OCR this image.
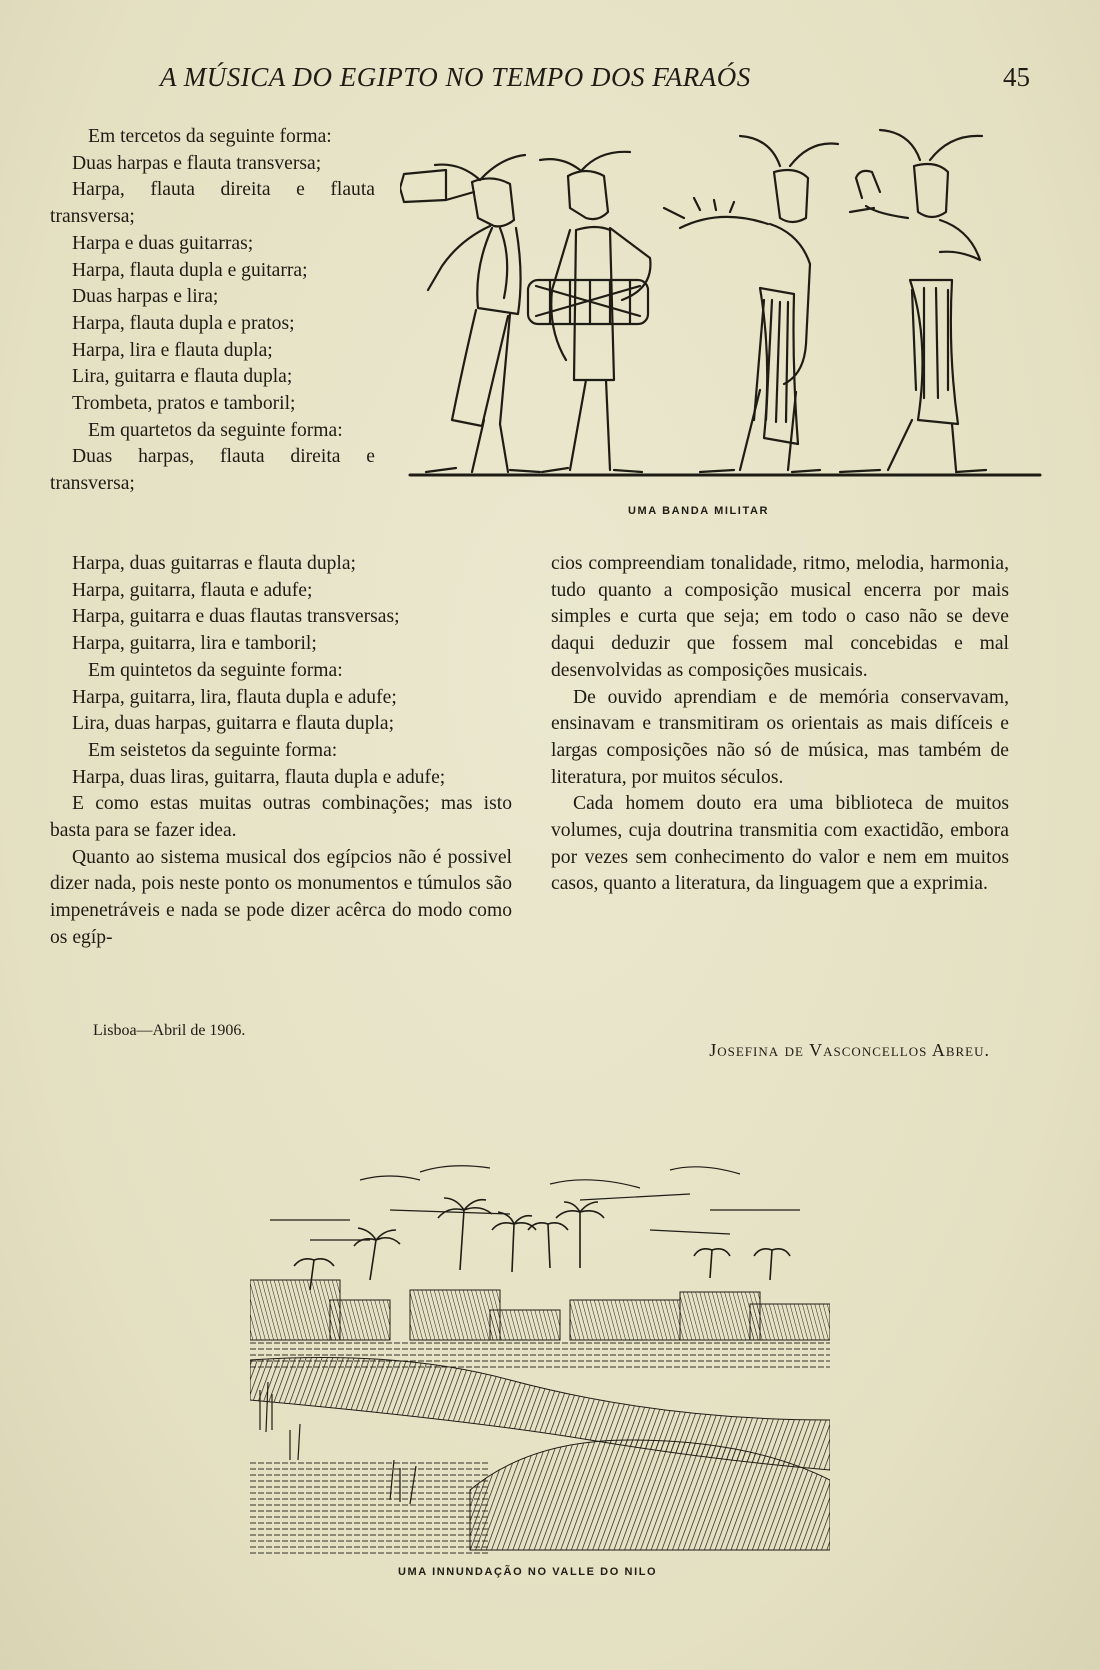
A MÚSICA DO EGIPTO NO TEMPO DOS FARAÓS	45

Em tercetos da seguinte forma:

Duas harpas e flauta transversa;

Harpa, flauta direita e flauta transversa;

Harpa e duas guitarras;

Harpa, flauta dupla e guitarra;

Duas harpas e lira;

Harpa, flauta dupla e pratos;

Harpa, lira e flauta dupla;

Lira, guitarra e flauta dupla;

Trombeta, pratos e tamboril;

Em quartetos da seguinte forma:

Duas harpas, flauta direita e transversa;

UMA BANDA MILITAR

Harpa, duas guitarras e flauta dupla;

Harpa, guitarra, flauta e adufe;

Harpa, guitarra e duas flautas transversas;

Harpa, guitarra, lira e tamboril;

Em quintetos da seguinte forma:

Harpa, guitarra, lira, flauta dupla e adufe;

Lira, duas harpas, guitarra e flauta dupla;

Em seistetos da seguinte forma:

Harpa, duas liras, guitarra, flauta dupla e adufe;

E como estas muitas outras combinações; mas isto basta para se fazer idea.

Quanto ao sistema musical dos egípcios não é possivel dizer nada, pois neste ponto os monumentos e túmulos são impenetráveis e nada se pode dizer acêrca do modo como os egíp-

cios compreendiam tonalidade, ritmo, melodia, harmonia, tudo quanto a composição musical encerra por mais simples e curta que seja; em todo o caso não se deve daqui deduzir que fossem mal concebidas e mal desenvolvidas as composições musicais.

De ouvido aprendiam e de memória conservavam, ensinavam e transmitiram os orientais as mais difíceis e largas composições não só de música, mas também de literatura, por muitos séculos.

Cada homem douto era uma biblioteca de muitos volumes, cuja doutrina transmitia com exactidão, embora por vezes sem conhecimento do valor e nem em muitos casos, quanto a literatura, da linguagem que a exprimia.

Lisboa—Abril de 1906.
Josefina de Vasconcellos Abreu.
UMA INNUNDAÇÃO NO VALLE DO NILO
